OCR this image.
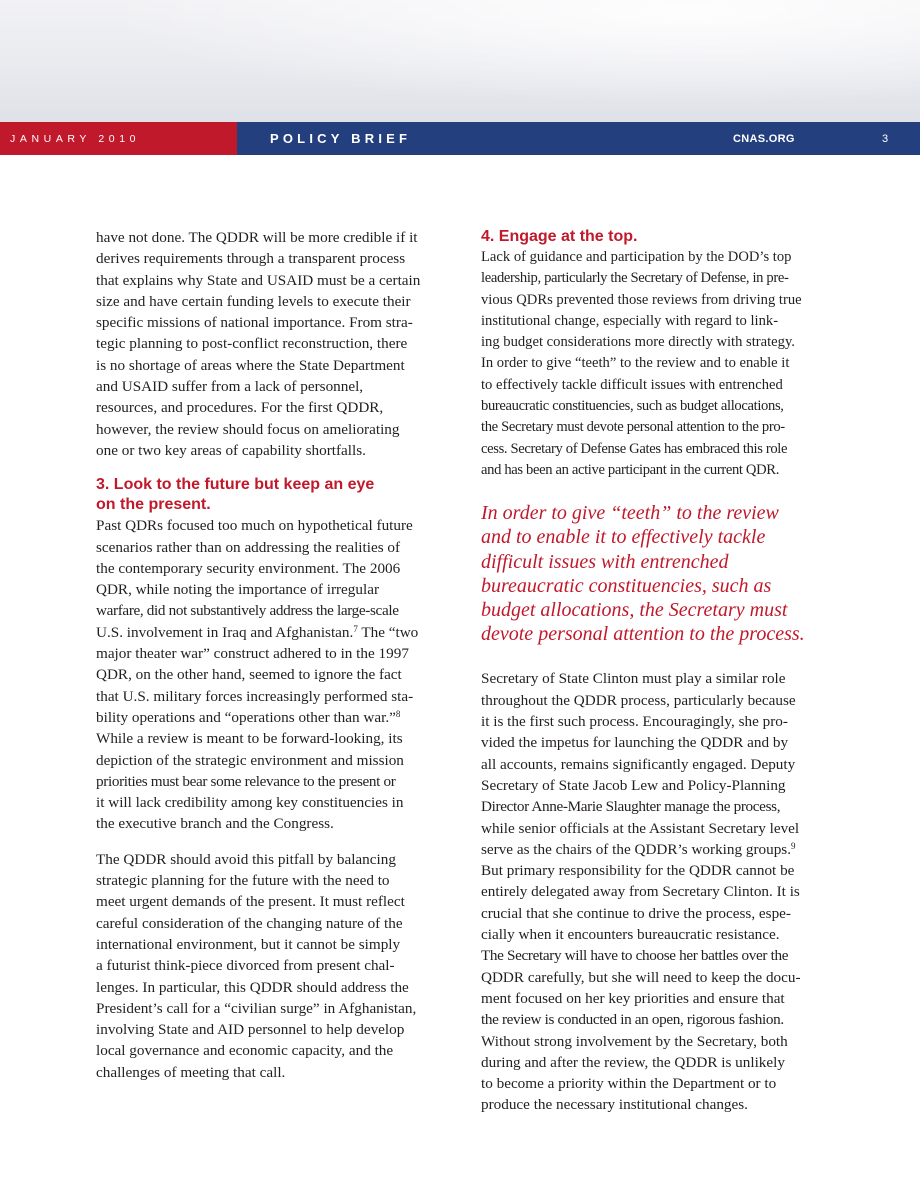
JANUARY 2010	POLICY BRIEF	CNAS.ORG	3

have not done. The QDDR will be more credible if it
derives requirements through a transparent process
that explains why State and USAID must be a certain
size and have certain funding levels to execute their
specific missions of national importance. From stra-
tegic planning to post-conflict reconstruction, there
is no shortage of areas where the State Department
and USAID suffer from a lack of personnel,
resources, and procedures. For the first QDDR,
however, the review should focus on ameliorating
one or two key areas of capability shortfalls.

3. Look to the future but keep an eye
on the present.

Past QDRs focused too much on hypothetical future
scenarios rather than on addressing the realities of
the contemporary security environment. The 2006
QDR, while noting the importance of irregular
warfare, did not substantively address the large-scale
U.S. involvement in Iraq and Afghanistan.$^7$ The “two
major theater war” construct adhered to in the 1997
QDR, on the other hand, seemed to ignore the fact
that U.S. military forces increasingly performed sta-
bility operations and “operations other than war.”$^8$
While a review is meant to be forward-looking, its
depiction of the strategic environment and mission
priorities must bear some relevance to the present or
it will lack credibility among key constituencies in
the executive branch and the Congress.

The QDDR should avoid this pitfall by balancing
strategic planning for the future with the need to
meet urgent demands of the present. It must reflect
careful consideration of the changing nature of the
international environment, but it cannot be simply
a futurist think-piece divorced from present chal-
lenges. In particular, this QDDR should address the
President’s call for a “civilian surge” in Afghanistan,
involving State and AID personnel to help develop
local governance and economic capacity, and the
challenges of meeting that call.

4. Engage at the top.

Lack of guidance and participation by the DOD’s top
leadership, particularly the Secretary of Defense, in pre-
vious QDRs prevented those reviews from driving true
institutional change, especially with regard to link-
ing budget considerations more directly with strategy.
In order to give “teeth” to the review and to enable it
to effectively tackle difficult issues with entrenched
bureaucratic constituencies, such as budget allocations,
the Secretary must devote personal attention to the pro-
cess. Secretary of Defense Gates has embraced this role
and has been an active participant in the current QDR.

In order to give “teeth” to the review
and to enable it to effectively tackle
difficult issues with entrenched
bureaucratic constituencies, such as
budget allocations, the Secretary must
devote personal attention to the process.

Secretary of State Clinton must play a similar role
throughout the QDDR process, particularly because
it is the first such process. Encouragingly, she pro-
vided the impetus for launching the QDDR and by
all accounts, remains significantly engaged. Deputy
Secretary of State Jacob Lew and Policy-Planning
Director Anne-Marie Slaughter manage the process,
while senior officials at the Assistant Secretary level
serve as the chairs of the QDDR’s working groups.$^9$
But primary responsibility for the QDDR cannot be
entirely delegated away from Secretary Clinton. It is
crucial that she continue to drive the process, espe-
cially when it encounters bureaucratic resistance.
The Secretary will have to choose her battles over the
QDDR carefully, but she will need to keep the docu-
ment focused on her key priorities and ensure that
the review is conducted in an open, rigorous fashion.
Without strong involvement by the Secretary, both
during and after the review, the QDDR is unlikely
to become a priority within the Department or to
produce the necessary institutional changes.
